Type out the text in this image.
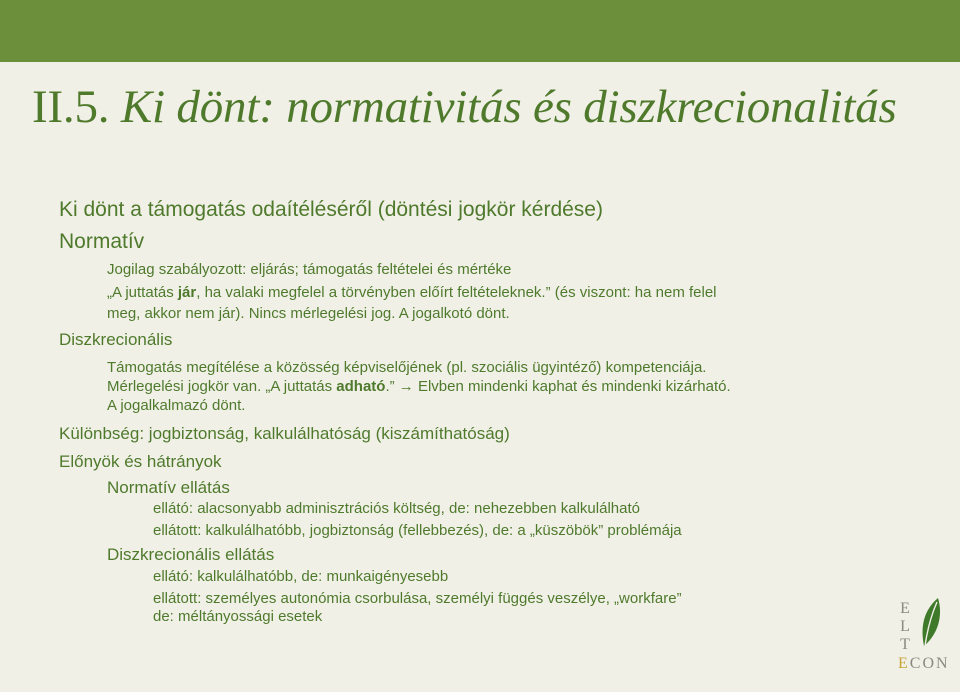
II.5. Ki dönt: normativitás és diszkrecionalitás
Ki dönt a támogatás odaítéléséről (döntési jogkör kérdése)
Normatív
Jogilag szabályozott: eljárás; támogatás feltételei és mértéke
„A juttatás jár, ha valaki megfelel a törvényben előírt feltételeknek.” (és viszont: ha nem felel
meg, akkor nem jár). Nincs mérlegelési jog. A jogalkotó dönt.
Diszkrecionális
Támogatás megítélése a közösség képviselőjének (pl. szociális ügyintéző) kompetenciája.
Mérlegelési jogkör van. „A juttatás adható.” → Elvben mindenki kaphat és mindenki kizárható.
A jogalkalmazó dönt.
Különbség: jogbiztonság, kalkulálhatóság (kiszámíthatóság)
Előnyök és hátrányok
Normatív ellátás
ellátó: alacsonyabb adminisztrációs költség, de: nehezebben kalkulálható
ellátott: kalkulálhatóbb, jogbiztonság (fellebbezés), de: a „küszöbök” problémája
Diszkrecionális ellátás
ellátó: kalkulálhatóbb, de: munkaigényesebb
ellátott: személyes autonómia csorbulása, személyi függés veszélye, „workfare”
de: méltányossági esetek	E
L
T
ECON
